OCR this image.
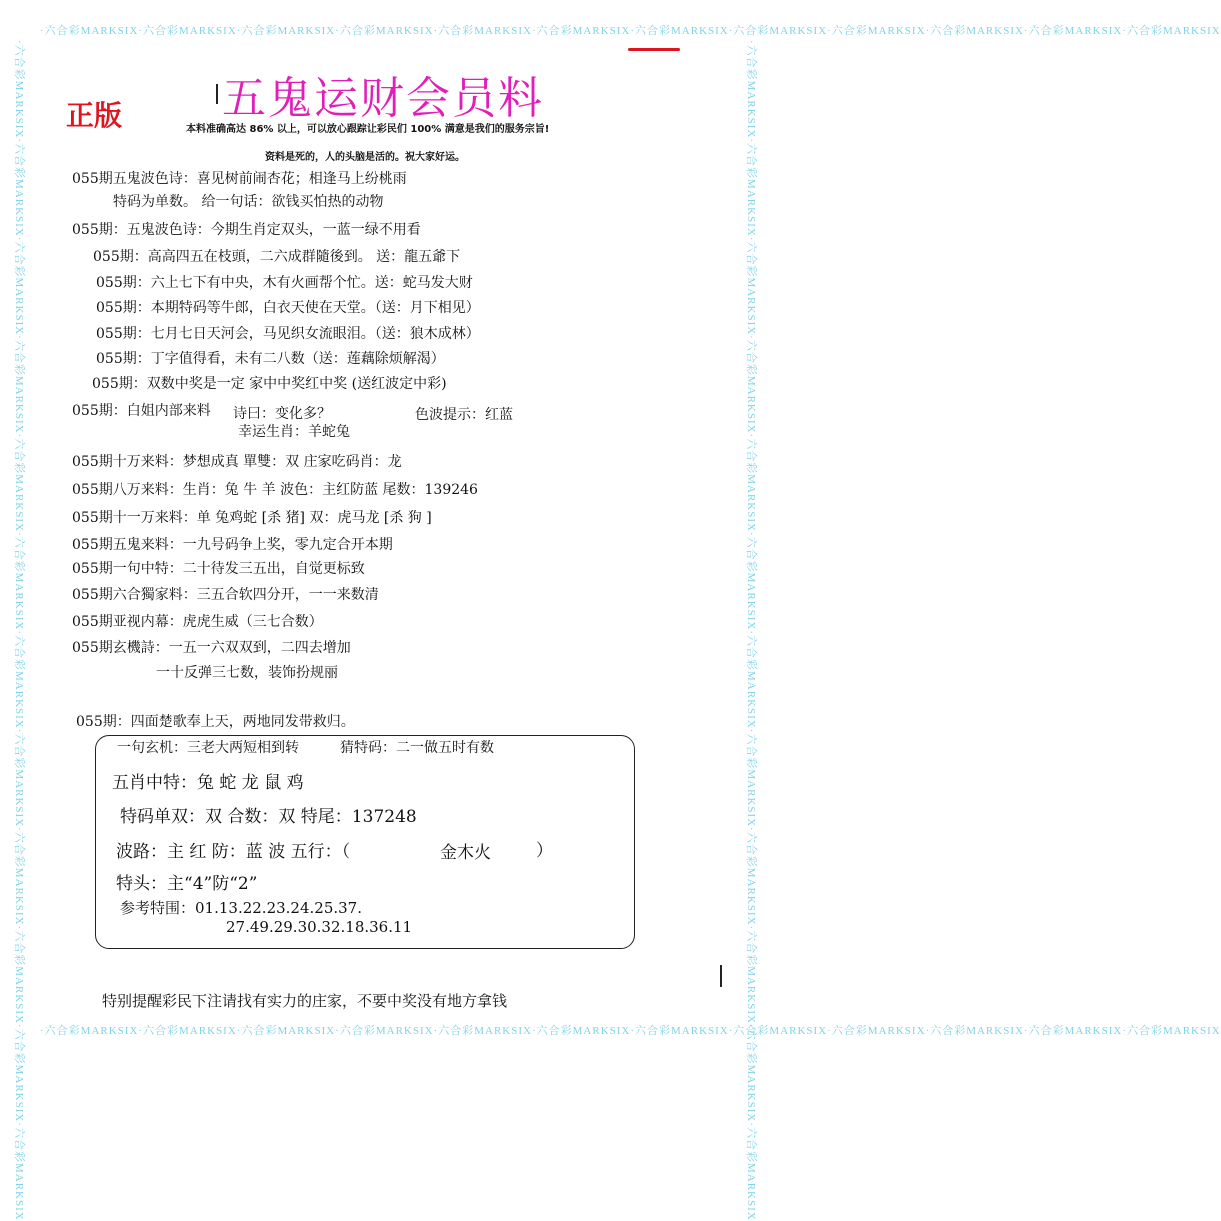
·六合彩MARKSIX·六合彩MARKSIX·六合彩MARKSIX·六合彩MARKSIX·六合彩MARKSIX·六合彩MARKSIX·六合彩MARKSIX·六合彩MARKSIX·六合彩MARKSIX·六合彩MARKSIX·六合彩MARKSIX·六合彩MARKSIX
·六合彩MARKSIX·六合彩MARKSIX·六合彩MARKSIX·六合彩MARKSIX·六合彩MARKSIX·六合彩MARKSIX·六合彩MARKSIX·六合彩MARKSIX·六合彩MARKSIX·六合彩MARKSIX·六合彩MARKSIX·六合彩MARKSIX
·六合彩MARKSIX·六合彩MARKSIX·六合彩MARKSIX·六合彩MARKSIX·六合彩MARKSIX·六合彩MARKSIX·六合彩MARKSIX·六合彩MARKSIX·六合彩MARKSIX·六合彩MARKSIX·六合彩MARKSIX·六合彩MARKSIX	·六合彩MARKSIX·六合彩MARKSIX·六合彩MARKSIX·六合彩MARKSIX·六合彩MARKSIX·六合彩MARKSIX·六合彩MARKSIX·六合彩MARKSIX·六合彩MARKSIX·六合彩MARKSIX·六合彩MARKSIX·六合彩MARKSIX
五鬼运财会员料
正版	本料准确高达 86% 以上，可以放心跟踪让彩民们 100% 满意是我们的服务宗旨!
资料是死的，人的头脑是活的。祝大家好运。
055期五鬼波色诗：喜见树前闹杏花；相逢马上纷桃雨
特码为单数。 给一句话：欲钱买怕热的动物
055期：五鬼波色诗：今期生肖定双头，一蓝一绿不用看
055期：高高四五在枝頭，二六成群隨後到。 送：龍五爺下
055期：六上七下有中央，木有火画帮个忙。送：蛇马发大财
055期：本期特码等牛郎，白衣天使在天堂。（送：月下相见）
055期：七月七日天河会，马见织女流眼泪。（送：狼木成林）
055期：丁字值得看，未有二八数（送：莲藕除烦解渴）
055期：双数中奖是一定 家中中奖红中奖 (送红波定中彩)
055期：白姐内部来料 诗曰：变化多？	色波提示：红蓝
幸运生肖：羊蛇兔
055期十万来料：梦想成真 單雙：双 庄家吃码肖：龙
055期八万来料：生肖：兔 牛 羊 波色：主红防蓝 尾数：139246
055期十一万来料：单 兔鸡蛇 [杀 猪] 双：虎马龙 [杀 狗 ]
055期五鬼来料：一九号码争上奖，零九定合开本期
055期一句中特：二十待发三五出，自觉更标致
055期六合獨家料：三五合软四分开，一一来数清
055期亚视内幕：虎虎生威（三七合数）
055期玄機詩：一五一六双双到，二四去增加
一十反弹三七数，装饰扮规丽
055期：四面楚歌奉上天，两地同发带救归。
一句玄机：三老大两短相到转	猜特码：二一做五时有数
五肖中特：兔 蛇 龙 鼠 鸡
特码单双：双 合数：双 特尾：137248
波路：主 红 防：蓝 波 五行：（	金木火	）
特头：主“4”防“2”
参考特围：01.13.22.23.24.25.37.
27.49.29.30.32.18.36.11
特别提醒彩民下注请找有实力的庄家，不要中奖没有地方拿钱
